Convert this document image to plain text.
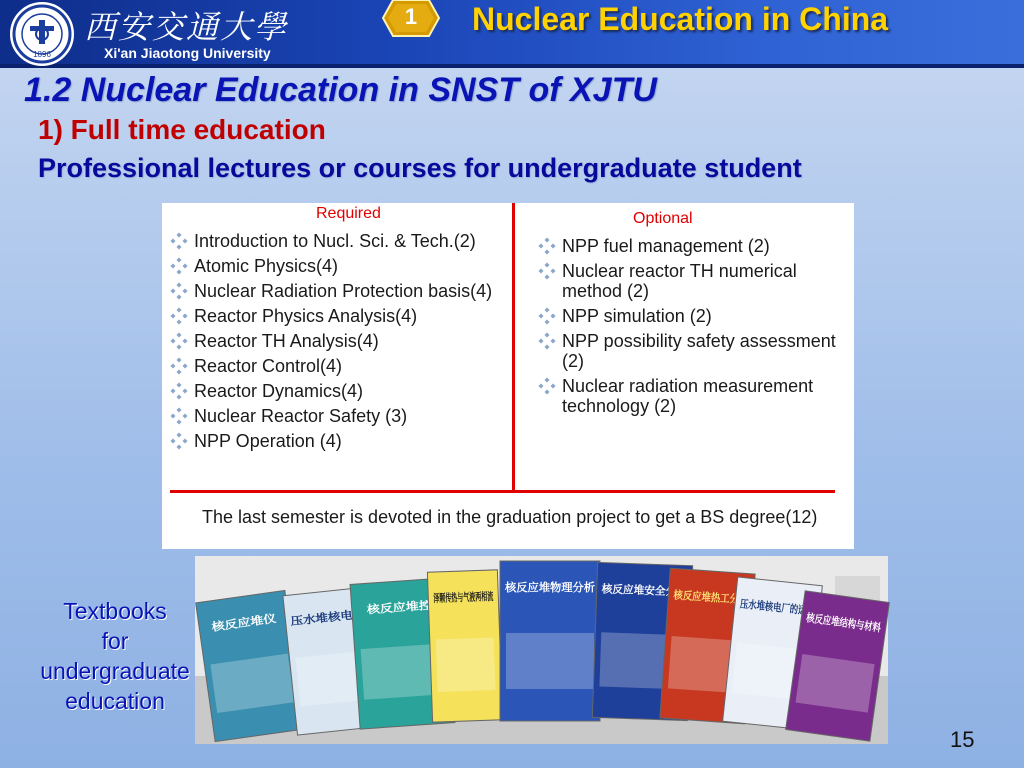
1896
西安交通大學
Xi'an Jiaotong University
1	Nuclear Education in China
1.2 Nuclear Education in SNST of XJTU
1) Full time education
Professional lectures or courses for undergraduate student
Required	Optional
Introduction to Nucl. Sci. & Tech.(2)
Atomic Physics(4)
Nuclear Radiation Protection basis(4)
Reactor Physics Analysis(4)
Reactor TH Analysis(4)
Reactor Control(4)
Reactor Dynamics(4)
Nuclear Reactor Safety (3)
NPP Operation (4)
NPP fuel management (2)
Nuclear reactor TH numerical method (2)
NPP simulation (2)
NPP possibility safety assessment (2)
Nuclear radiation measurement technology (2)
The last semester is devoted in the graduation project to get a BS degree(12)
核反应堆仪	压水堆核电厂
核反应堆控
泽颗传热与气液两相流
核反应堆物理分析 核反应堆安全分析
核反应堆热工分析
压水堆核电厂的运行
核反应堆结构与材料
Textbooks
for
undergraduate
education
15
